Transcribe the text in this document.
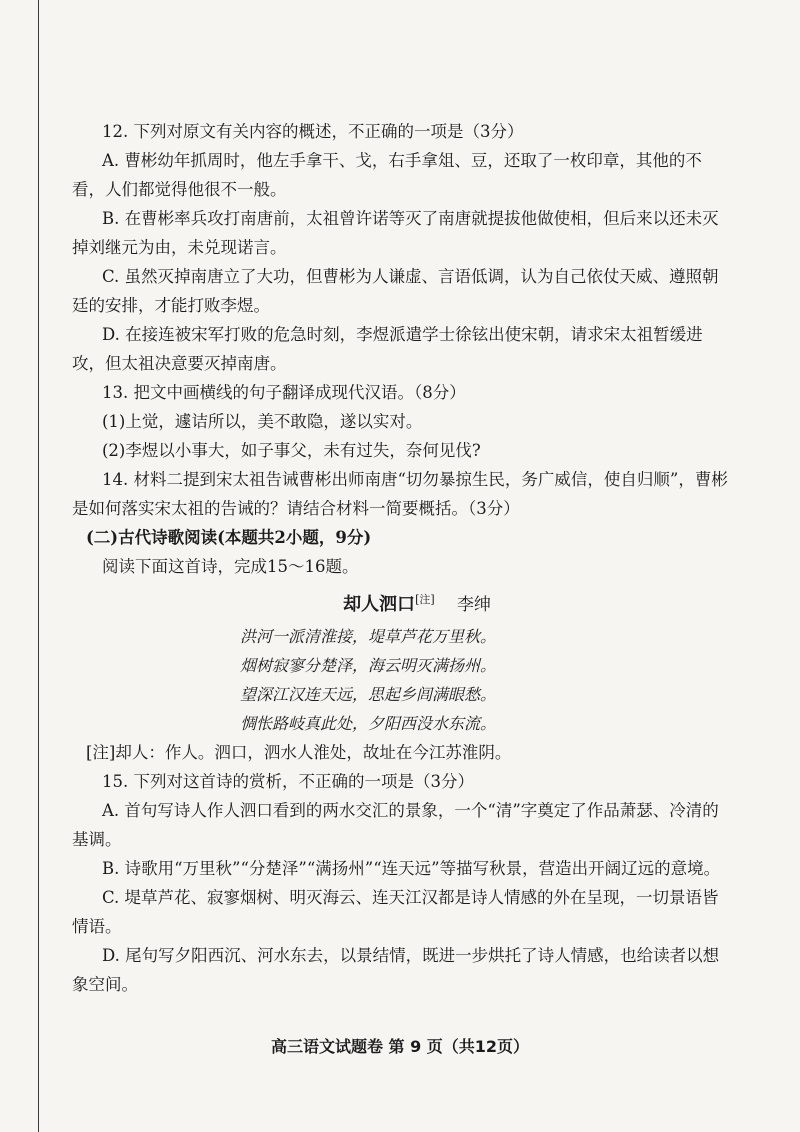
12. 下列对原文有关内容的概述，不正确的一项是（3分）

A. 曹彬幼年抓周时，他左手拿干、戈，右手拿俎、豆，还取了一枚印章，其他的不看，人们都觉得他很不一般。

B. 在曹彬率兵攻打南唐前，太祖曾许诺等灭了南唐就提拔他做使相，但后来以还未灭掉刘继元为由，未兑现诺言。

C. 虽然灭掉南唐立了大功，但曹彬为人谦虚、言语低调，认为自己依仗天威、遵照朝廷的安排，才能打败李煜。

D. 在接连被宋军打败的危急时刻，李煜派遣学士徐铉出使宋朝，请求宋太祖暂缓进攻，但太祖决意要灭掉南唐。

13. 把文中画横线的句子翻译成现代汉语。（8分）

(1)上觉，遽诘所以，美不敢隐，遂以实对。

(2)李煜以小事大，如子事父，未有过失，奈何见伐?

14. 材料二提到宋太祖告诫曹彬出师南唐“切勿暴掠生民，务广威信，使自归顺”，曹彬是如何落实宋太祖的告诫的？请结合材料一简要概括。（3分）

(二)古代诗歌阅读(本题共2小题，9分)

阅读下面这首诗，完成15～16题。

却人泗口[注] 李绅

洪河一派清淮接，堤草芦花万里秋。

烟树寂寥分楚泽，海云明灭满扬州。

望深江汉连天远，思起乡闾满眼愁。

惆怅路岐真此处，夕阳西没水东流。

[注]却人：作人。泗口，泗水人淮处，故址在今江苏淮阴。

15. 下列对这首诗的赏析，不正确的一项是（3分）

A. 首句写诗人作人泗口看到的两水交汇的景象，一个“清”字奠定了作品萧瑟、冷清的基调。

B. 诗歌用“万里秋”“分楚泽”“满扬州”“连天远”等描写秋景，营造出开阔辽远的意境。

C. 堤草芦花、寂寥烟树、明灭海云、连天江汉都是诗人情感的外在呈现，一切景语皆情语。

D. 尾句写夕阳西沉、河水东去，以景结情，既进一步烘托了诗人情感，也给读者以想象空间。

高三语文试题卷 第 9 页（共12页）
